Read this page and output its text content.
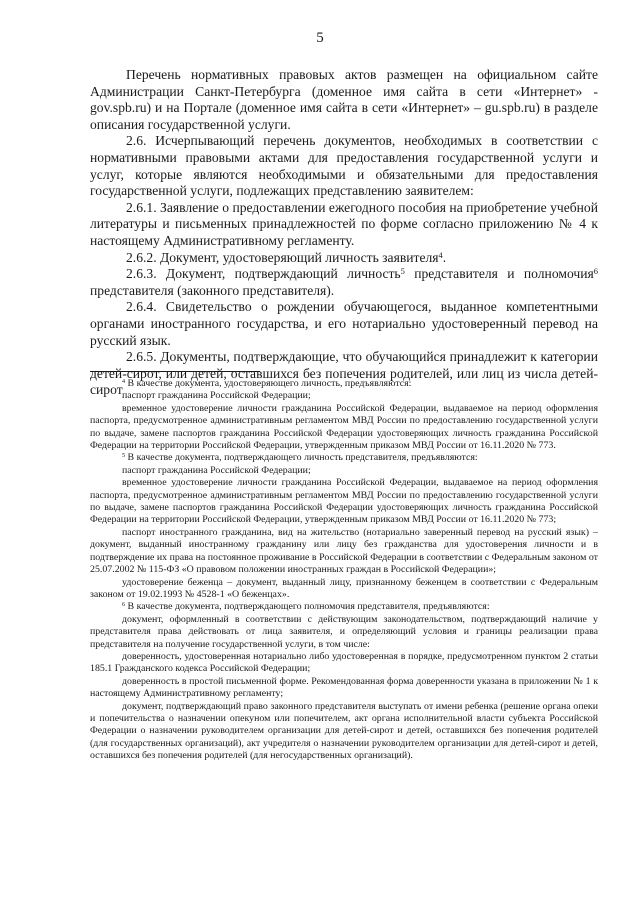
5

Перечень нормативных правовых актов размещен на официальном сайте Администрации Санкт-Петербурга (доменное имя сайта в сети «Интернет» - gov.spb.ru) и на Портале (доменное имя сайта в сети «Интернет» – gu.spb.ru) в разделе описания государственной услуги.

2.6. Исчерпывающий перечень документов, необходимых в соответствии с нормативными правовыми актами для предоставления государственной услуги и услуг, которые являются необходимыми и обязательными для предоставления государственной услуги, подлежащих представлению заявителем:

2.6.1. Заявление о предоставлении ежегодного пособия на приобретение учебной литературы и письменных принадлежностей по форме согласно приложению № 4 к настоящему Административному регламенту.

2.6.2. Документ, удостоверяющий личность заявителя$^4$.

2.6.3. Документ, подтверждающий личность$^5$ представителя и полномочия$^6$ представителя (законного представителя).

2.6.4. Свидетельство о рождении обучающегося, выданное компетентными органами иностранного государства, и его нотариально удостоверенный перевод на русский язык.

2.6.5. Документы, подтверждающие, что обучающийся принадлежит к категории детей-сирот, или детей, оставшихся без попечения родителей, или лиц из числа детей-сирот

$^4$ В качестве документа, удостоверяющего личность, предъявляются:

паспорт гражданина Российской Федерации;

временное удостоверение личности гражданина Российской Федерации, выдаваемое на период оформления паспорта, предусмотренное административным регламентом МВД России по предоставлению государственной услуги по выдаче, замене паспортов гражданина Российской Федерации удостоверяющих личность гражданина Российской Федерации на территории Российской Федерации, утвержденным приказом МВД России от 16.11.2020 № 773.

$^5$ В качестве документа, подтверждающего личность представителя, предъявляются:

паспорт гражданина Российской Федерации;

временное удостоверение личности гражданина Российской Федерации, выдаваемое на период оформления паспорта, предусмотренное административным регламентом МВД России по предоставлению государственной услуги по выдаче, замене паспортов гражданина Российской Федерации удостоверяющих личность гражданина Российской Федерации на территории Российской Федерации, утвержденным приказом МВД России от 16.11.2020 № 773;

паспорт иностранного гражданина, вид на жительство (нотариально заверенный перевод на русский язык) – документ, выданный иностранному гражданину или лицу без гражданства для удостоверения личности и в подтверждение их права на постоянное проживание в Российской Федерации в соответствии с Федеральным законом от 25.07.2002 № 115-ФЗ «О правовом положении иностранных граждан в Российской Федерации»;

удостоверение беженца – документ, выданный лицу, признанному беженцем в соответствии с Федеральным законом от 19.02.1993 № 4528-1 «О беженцах».

$^6$ В качестве документа, подтверждающего полномочия представителя, предъявляются:

документ, оформленный в соответствии с действующим законодательством, подтверждающий наличие у представителя права действовать от лица заявителя, и определяющий условия и границы реализации права представителя на получение государственной услуги, в том числе:

доверенность, удостоверенная нотариально либо удостоверенная в порядке, предусмотренном пунктом 2 статьи 185.1 Гражданского кодекса Российской Федерации;

доверенность в простой письменной форме. Рекомендованная форма доверенности указана в приложении № 1 к настоящему Административному регламенту;

документ, подтверждающий право законного представителя выступать от имени ребенка (решение органа опеки и попечительства о назначении опекуном или попечителем, акт органа исполнительной власти субъекта Российской Федерации о назначении руководителем организации для детей-сирот и детей, оставшихся без попечения родителей (для государственных организаций), акт учредителя о назначении руководителем организации для детей-сирот и детей, оставшихся без попечения родителей (для негосударственных организаций).
